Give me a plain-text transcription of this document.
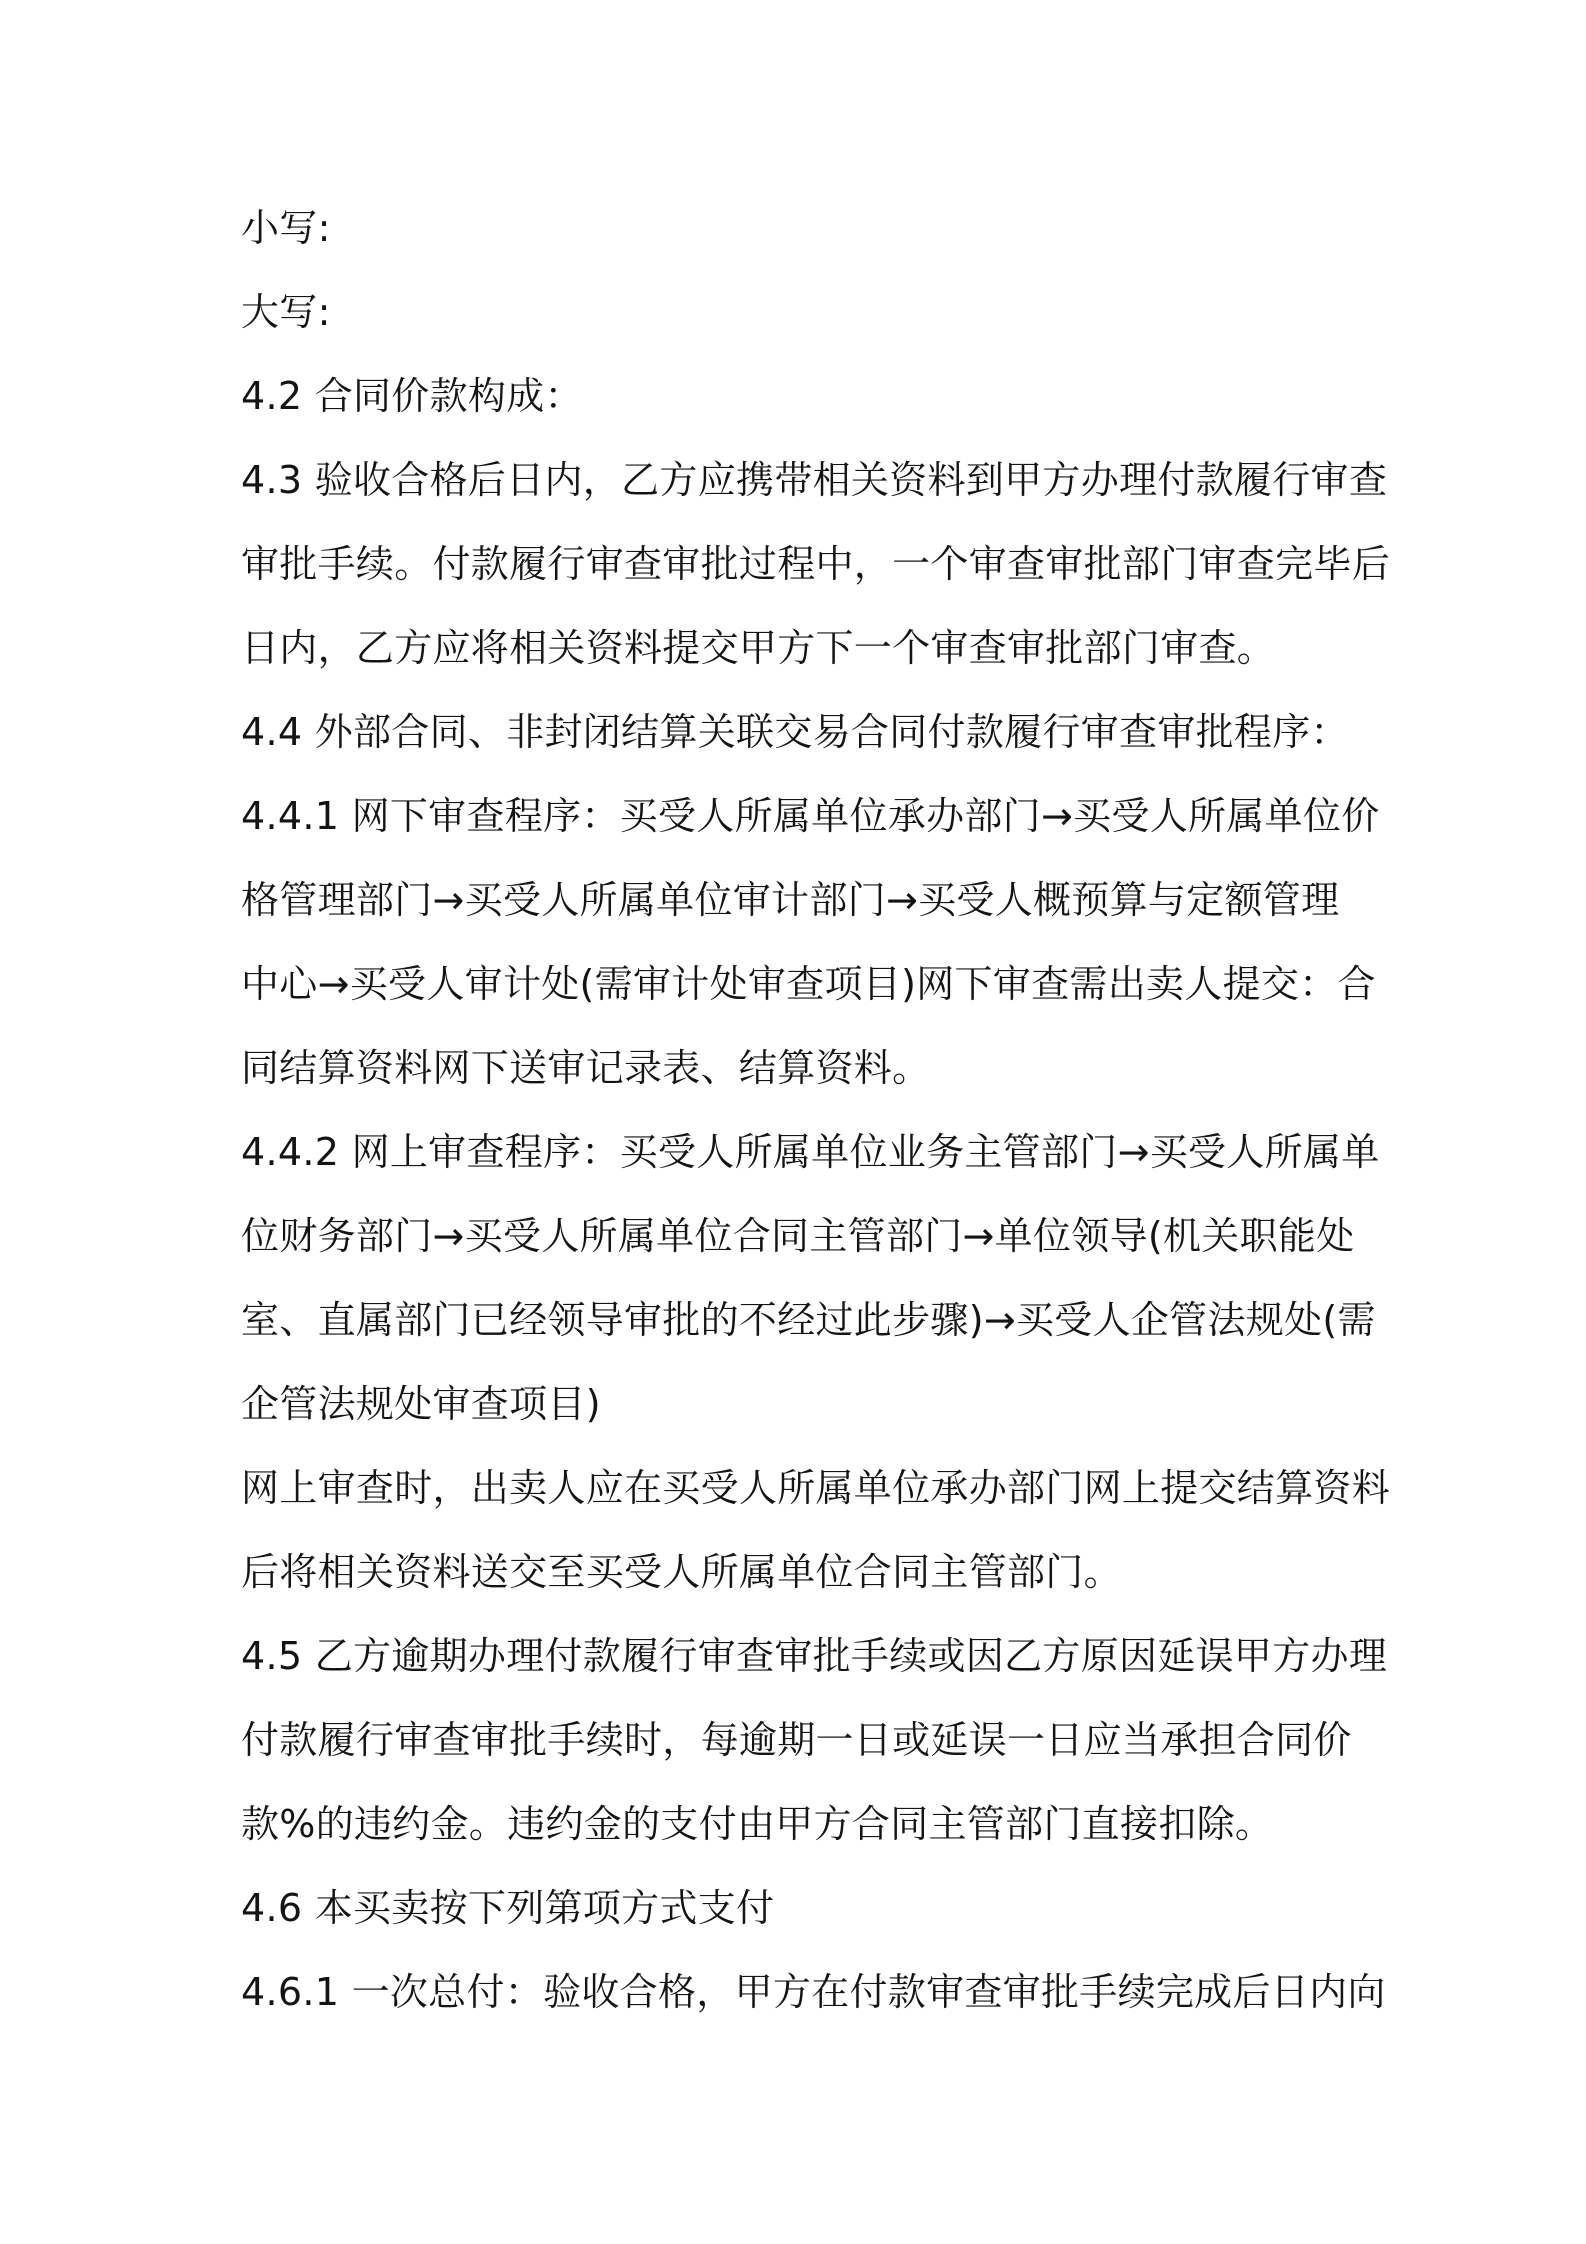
小写:
大写:
4.2 合同价款构成：
4.3 验收合格后日内，乙方应携带相关资料到甲方办理付款履行审查
审批手续。付款履行审查审批过程中，一个审查审批部门审查完毕后
日内，乙方应将相关资料提交甲方下一个审查审批部门审查。
4.4 外部合同、非封闭结算关联交易合同付款履行审查审批程序：
4.4.1 网下审查程序：买受人所属单位承办部门→买受人所属单位价
格管理部门→买受人所属单位审计部门→买受人概预算与定额管理
中心→买受人审计处(需审计处审查项目)网下审查需出卖人提交：合
同结算资料网下送审记录表、结算资料。
4.4.2 网上审查程序：买受人所属单位业务主管部门→买受人所属单
位财务部门→买受人所属单位合同主管部门→单位领导(机关职能处
室、直属部门已经领导审批的不经过此步骤)→买受人企管法规处(需
企管法规处审查项目)
网上审查时，出卖人应在买受人所属单位承办部门网上提交结算资料
后将相关资料送交至买受人所属单位合同主管部门。
4.5 乙方逾期办理付款履行审查审批手续或因乙方原因延误甲方办理
付款履行审查审批手续时，每逾期一日或延误一日应当承担合同价
款%的违约金。违约金的支付由甲方合同主管部门直接扣除。
4.6 本买卖按下列第项方式支付
4.6.1 一次总付：验收合格，甲方在付款审查审批手续完成后日内向
